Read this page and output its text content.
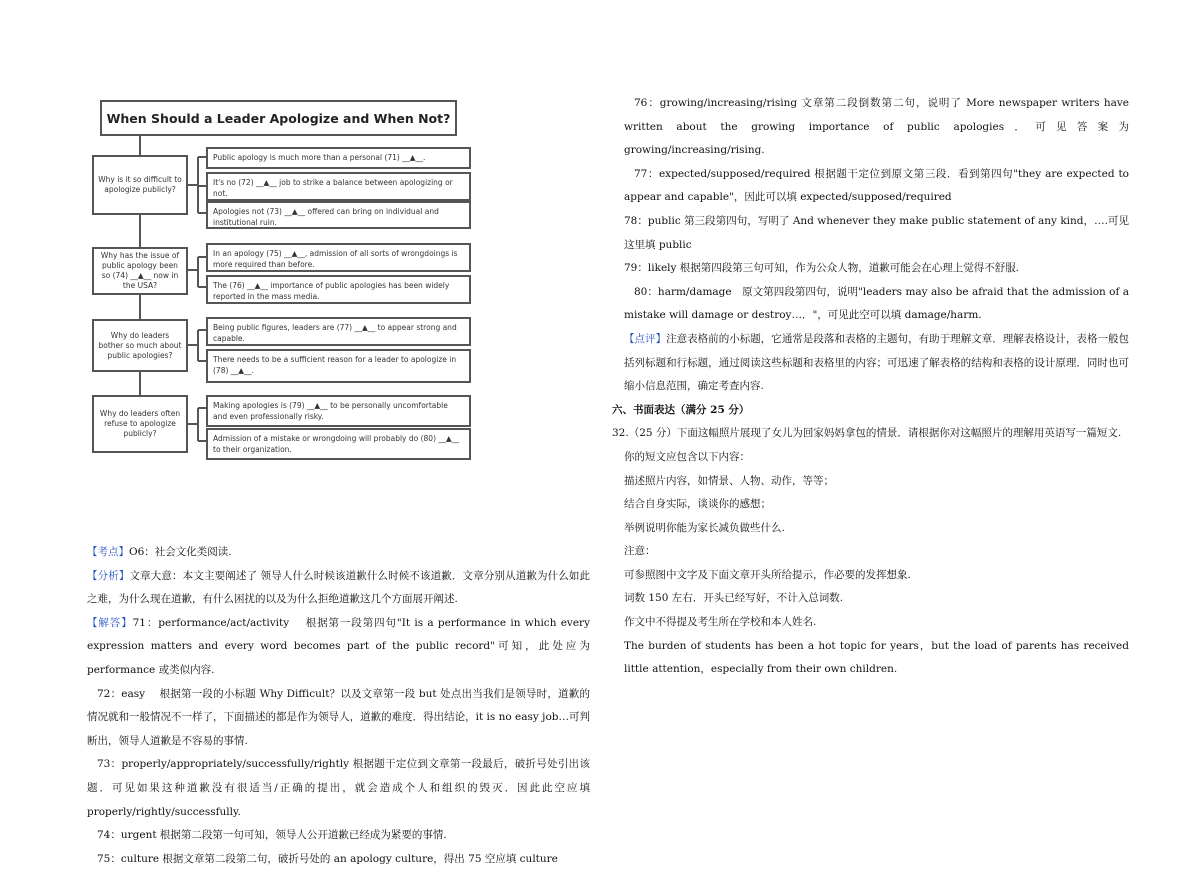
When Should a Leader Apologize and When Not?
Why is it so difficult to apologize publicly?
Public apology is much more than a personal (71) __▲__.
It's no (72) __▲__ job to strike a balance between apologizing or not.
Apologies not (73) __▲__ offered can bring on individual and institutional ruin.
Why has the issue of public apology been so (74) __▲__ now in the USA?
In an apology (75) __▲__, admission of all sorts of wrongdoings is more required than before.
The (76) __▲__ importance of public apologies has been widely reported in the mass media.
Why do leaders bother so much about public apologies?
Being public figures, leaders are (77) __▲__ to appear strong and capable.
There needs to be a sufficient reason for a leader to apologize in (78) __▲__.
Why do leaders often refuse to apologize publicly?
Making apologies is (79) __▲__ to be personally uncomfortable and even professionally risky.
Admission of a mistake or wrongdoing will probably do (80) __▲__ to their organization.

【考点】O6：社会文化类阅读.

【分析】文章大意：本文主要阐述了 领导人什么时候该道歉什么时候不该道歉．文章分别从道歉为什么如此之难，为什么现在道歉，有什么困扰的以及为什么拒绝道歉这几个方面展开阐述.

【解答】71：performance/act/activity　 根据第一段第四句"It is a performance in which every expression matters and every word becomes part of the public record"可知，此处应为 performance 或类似内容.

72：easy　 根据第一段的小标题 Why Difficult？以及文章第一段 but 处点出当我们是领导时，道歉的情况就和一般情况不一样了，下面描述的都是作为领导人，道歉的难度．得出结论，it is no easy job…可判断出，领导人道歉是不容易的事情.

73：properly/appropriately/successfully/rightly 根据题干定位到文章第一段最后，破折号处引出该题．可见如果这种道歉没有很适当/正确的提出，就会造成个人和组织的毁灭．因此此空应填 properly/rightly/successfully.

74：urgent 根据第二段第一句可知，领导人公开道歉已经成为紧要的事情.

75：culture 根据文章第二段第二句，破折号处的 an apology culture，得出 75 空应填 culture

76：growing/increasing/rising 文章第二段倒数第二句，说明了 More newspaper writers have written about the growing importance of public apologies．可见答案为 growing/increasing/rising.

77：expected/supposed/required 根据题干定位到原文第三段．看到第四句"they are expected to appear and capable"，因此可以填 expected/supposed/required

78：public 第三段第四句，写明了 And whenever they make public statement of any kind，….可见这里填 public

79：likely 根据第四段第三句可知，作为公众人物，道歉可能会在心理上觉得不舒服.

80：harm/damage　原文第四段第四句，说明"leaders may also be afraid that the admission of a mistake will damage or destroy…．"，可见此空可以填 damage/harm.

【点评】注意表格前的小标题，它通常是段落和表格的主题句，有助于理解文章．理解表格设计，表格一般包括列标题和行标题，通过阅读这些标题和表格里的内容；可迅速了解表格的结构和表格的设计原理．同时也可缩小信息范围，确定考查内容.

六、书面表达（满分 25 分）

32.（25 分）下面这幅照片展现了女儿为回家妈妈拿包的情景．请根据你对这幅照片的理解用英语写一篇短文.

你的短文应包含以下内容：

描述照片内容，如情景、人物、动作，等等；

结合自身实际，谈谈你的感想；

举例说明你能为家长减负做些什么.

注意：

可参照图中文字及下面文章开头所给提示，作必要的发挥想象.

词数 150 左右．开头已经写好，不计入总词数.

作文中不得提及考生所在学校和本人姓名.

The burden of students has been a hot topic for years，but the load of parents has received little attention，especially from their own children.
